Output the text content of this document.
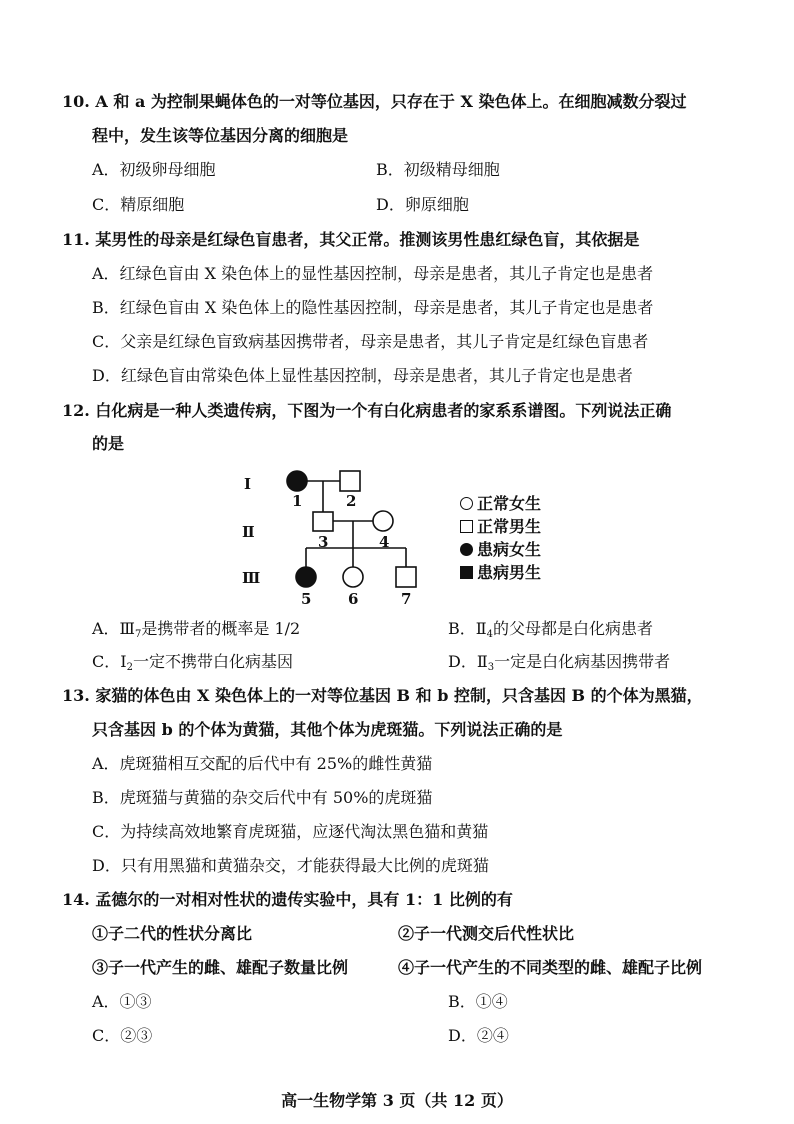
10. A 和 a 为控制果蝇体色的一对等位基因，只存在于 X 染色体上。在细胞减数分裂过
程中，发生该等位基因分离的细胞是
A．初级卵母细胞	B．初级精母细胞
C．精原细胞	D．卵原细胞
11. 某男性的母亲是红绿色盲患者，其父正常。推测该男性患红绿色盲，其依据是
A．红绿色盲由 X 染色体上的显性基因控制，母亲是患者，其儿子肯定也是患者
B．红绿色盲由 X 染色体上的隐性基因控制，母亲是患者，其儿子肯定也是患者
C．父亲是红绿色盲致病基因携带者，母亲是患者，其儿子肯定是红绿色盲患者
D．红绿色盲由常染色体上显性基因控制，母亲是患者，其儿子肯定也是患者
12. 白化病是一种人类遗传病，下图为一个有白化病患者的家系系谱图。下列说法正确
的是
I
Ⅱ
Ⅲ
1	2
3	4
5 6	7
正常女生
正常男生
患病女生
患病男生
A．$Ⅲ_7$是携带者的概率是 1/2	B．$Ⅱ_4$的父母都是白化病患者
C．$I_2$一定不携带白化病基因	D．$Ⅱ_3$一定是白化病基因携带者
13. 家猫的体色由 X 染色体上的一对等位基因 B 和 b 控制，只含基因 B 的个体为黑猫，
只含基因 b 的个体为黄猫，其他个体为虎斑猫。下列说法正确的是
A．虎斑猫相互交配的后代中有 25%的雌性黄猫
B．虎斑猫与黄猫的杂交后代中有 50%的虎斑猫
C．为持续高效地繁育虎斑猫，应逐代淘汰黑色猫和黄猫
D．只有用黑猫和黄猫杂交，才能获得最大比例的虎斑猫
14. 孟德尔的一对相对性状的遗传实验中，具有 1：1 比例的有
①子二代的性状分离比	②子一代测交后代性状比
③子一代产生的雌、雄配子数量比例	④子一代产生的不同类型的雌、雄配子比例
A．①③	B．①④
C．②③	D．②④
高一生物学第 3 页（共 12 页）
